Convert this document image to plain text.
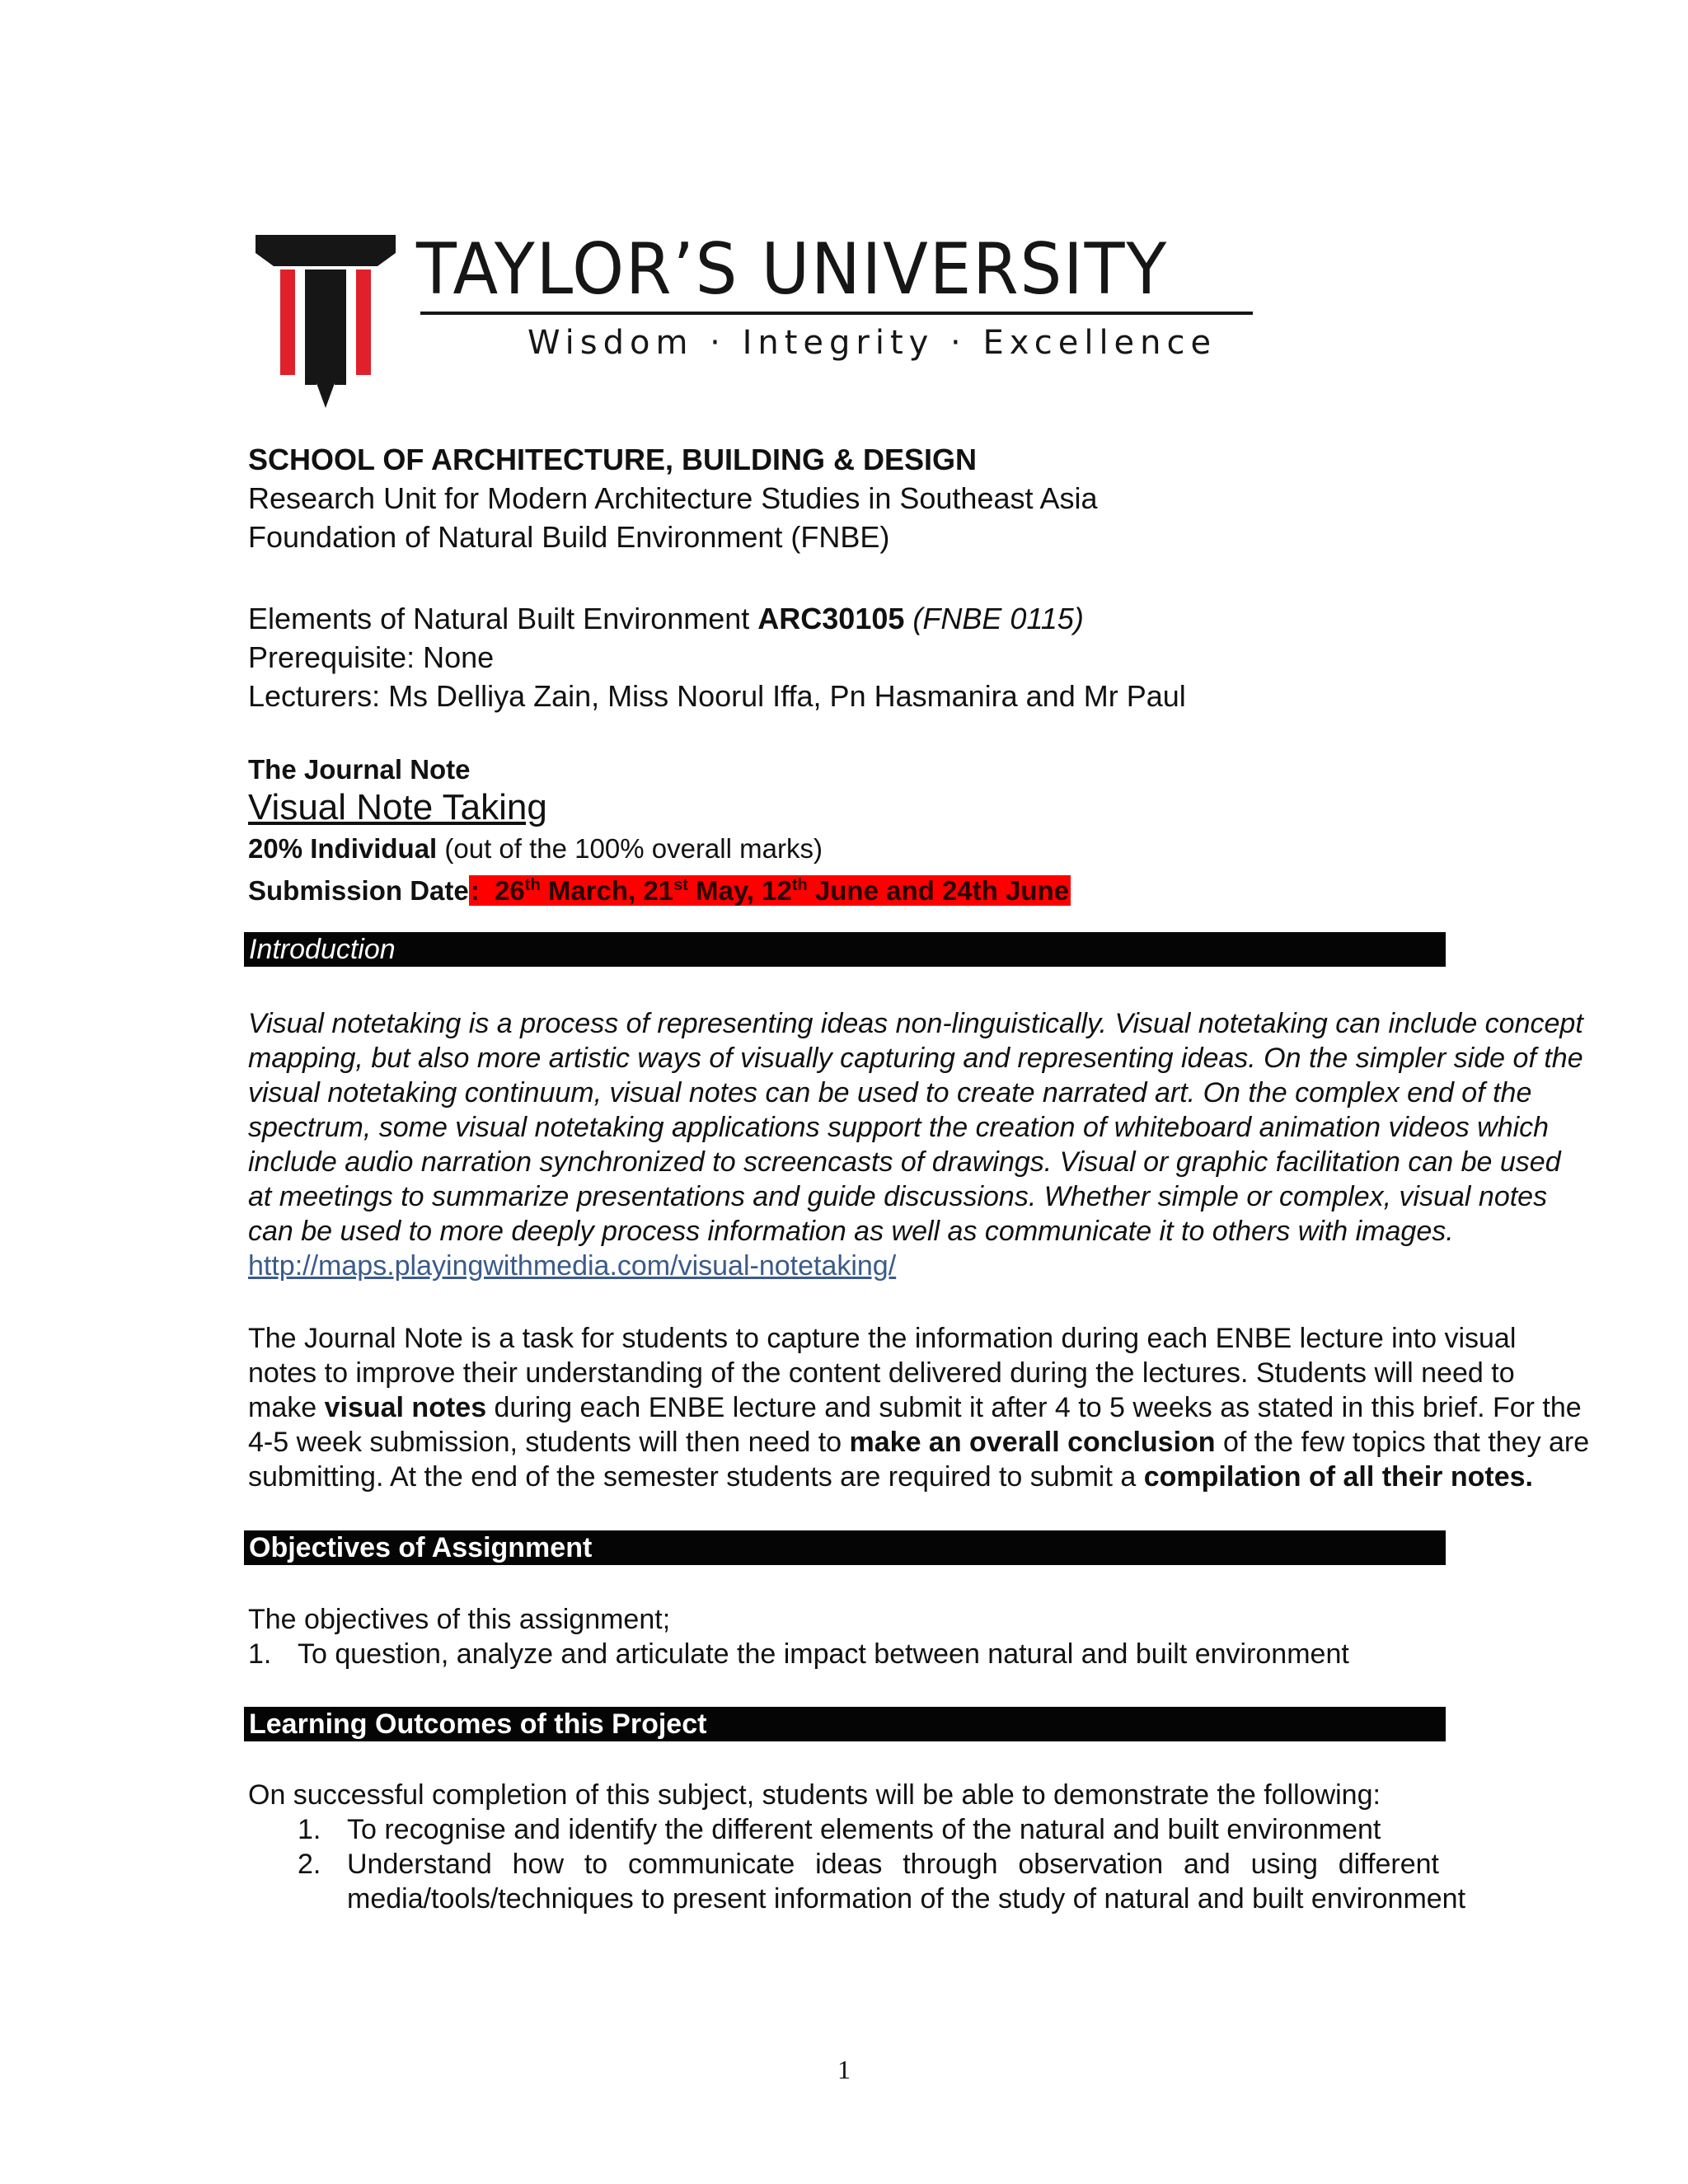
TAYLOR’S UNIVERSITY
Wisdom · Integrity · Excellence
SCHOOL OF ARCHITECTURE, BUILDING & DESIGN
Research Unit for Modern Architecture Studies in Southeast Asia
Foundation of Natural Build Environment (FNBE)
Elements of Natural Built Environment ARC30105 (FNBE 0115)
Prerequisite: None
Lecturers: Ms Delliya Zain, Miss Noorul Iffa, Pn Hasmanira and Mr Paul
The Journal Note
Visual Note Taking
20% Individual (out of the 100% overall marks)
Submission Date:  26th March, 21st May, 12th June and 24th June
Introduction
Visual notetaking is a process of representing ideas non-linguistically. Visual notetaking can include concept
mapping, but also more artistic ways of visually capturing and representing ideas. On the simpler side of the
visual notetaking continuum, visual notes can be used to create narrated art. On the complex end of the
spectrum, some visual notetaking applications support the creation of whiteboard animation videos which
include audio narration synchronized to screencasts of drawings. Visual or graphic facilitation can be used
at meetings to summarize presentations and guide discussions. Whether simple or complex, visual notes
can be used to more deeply process information as well as communicate it to others with images.
http://maps.playingwithmedia.com/visual-notetaking/
The Journal Note is a task for students to capture the information during each ENBE lecture into visual
notes to improve their understanding of the content delivered during the lectures. Students will need to
make visual notes during each ENBE lecture and submit it after 4 to 5 weeks as stated in this brief. For the
4-5 week submission, students will then need to make an overall conclusion of the few topics that they are
submitting. At the end of the semester students are required to submit a compilation of all their notes.
Objectives of Assignment
The objectives of this assignment;
1. To question, analyze and articulate the impact between natural and built environment
Learning Outcomes of this Project
On successful completion of this subject, students will be able to demonstrate the following:
1. To recognise and identify the different elements of the natural and built environment
2. Understand how to communicate ideas through observation and using different
media/tools/techniques to present information of the study of natural and built environment
1
